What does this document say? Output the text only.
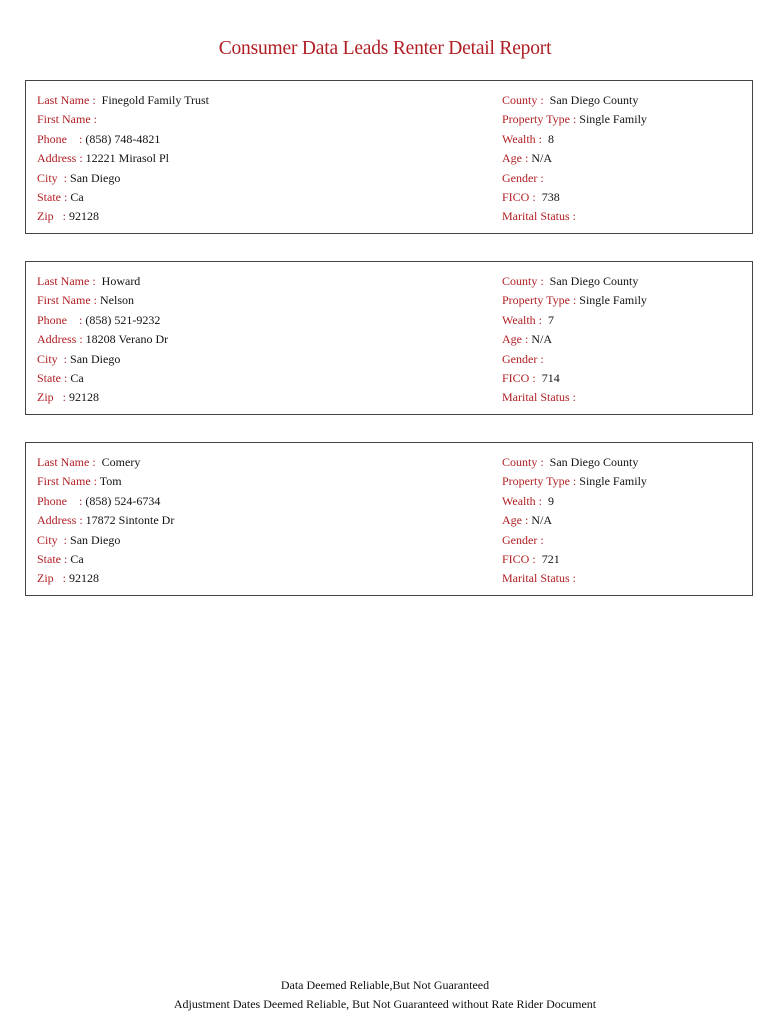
Consumer Data Leads Renter Detail Report
Last Name : Finegold Family Trust
First Name :
Phone    : (858) 748-4821
Address : 12221 Mirasol Pl
City  : San Diego
State : Ca
Zip   : 92128
County : San Diego County
Property Type : Single Family
Wealth : 8
Age : N/A
Gender :
FICO : 738
Marital Status :
Last Name : Howard
First Name : Nelson
Phone    : (858) 521-9232
Address : 18208 Verano Dr
City  : San Diego
State : Ca
Zip   : 92128
County : San Diego County
Property Type : Single Family
Wealth : 7
Age : N/A
Gender :
FICO : 714
Marital Status :
Last Name : Comery
First Name : Tom
Phone    : (858) 524-6734
Address : 17872 Sintonte Dr
City  : San Diego
State : Ca
Zip   : 92128
County : San Diego County
Property Type : Single Family
Wealth : 9
Age : N/A
Gender :
FICO : 721
Marital Status :
Data Deemed Reliable,But Not Guaranteed
Adjustment Dates Deemed Reliable, But Not Guaranteed without Rate Rider Document
